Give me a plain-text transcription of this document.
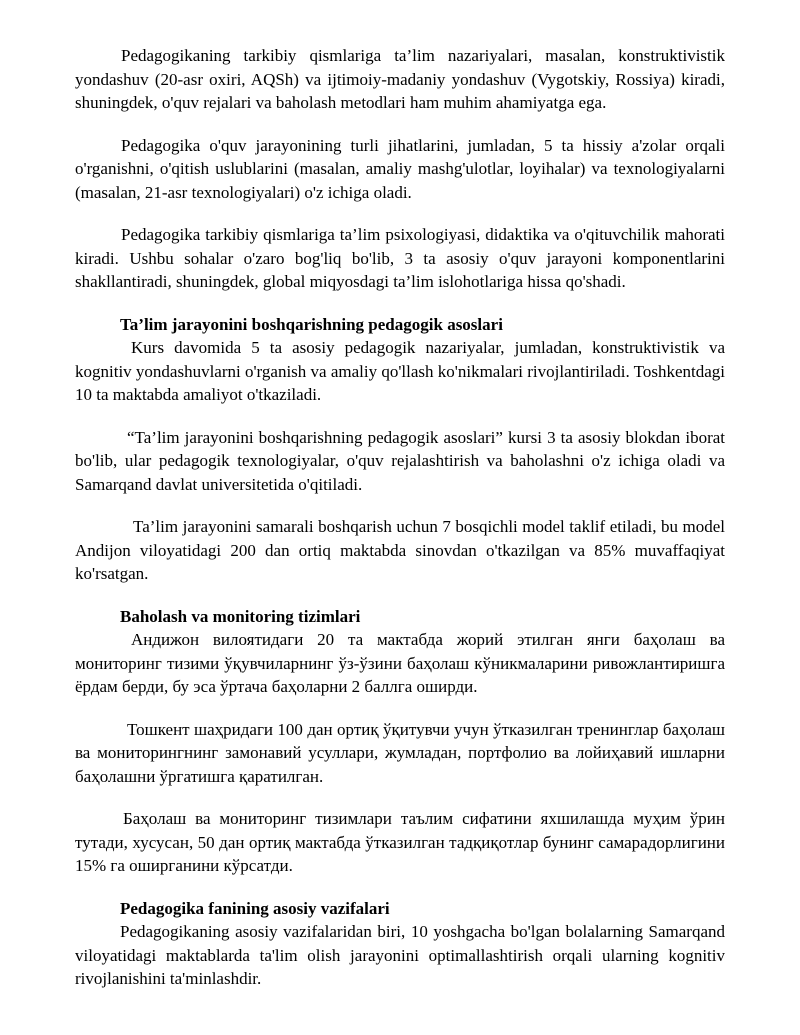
Pedagogikaning tarkibiy qismlariga ta’lim nazariyalari, masalan, konstruktivistik yondashuv (20-asr oxiri, AQSh) va ijtimoiy-madaniy yondashuv (Vygotskiy, Rossiya) kiradi, shuningdek, o'quv rejalari va baholash metodlari ham muhim ahamiyatga ega.

Pedagogika o'quv jarayonining turli jihatlarini, jumladan, 5 ta hissiy a'zolar orqali o'rganishni, o'qitish uslublarini (masalan, amaliy mashg'ulotlar, loyihalar) va texnologiyalarni (masalan, 21-asr texnologiyalari) o'z ichiga oladi.

Pedagogika tarkibiy qismlariga ta’lim psixologiyasi, didaktika va o'qituvchilik mahorati kiradi. Ushbu sohalar o'zaro bog'liq bo'lib, 3 ta asosiy o'quv jarayoni komponentlarini shakllantiradi, shuningdek, global miqyosdagi ta’lim islohotlariga hissa qo'shadi.

Ta’lim jarayonini boshqarishning pedagogik asoslari

Kurs davomida 5 ta asosiy pedagogik nazariyalar, jumladan, konstruktivistik va kognitiv yondashuvlarni o'rganish va amaliy qo'llash ko'nikmalari rivojlantiriladi. Toshkentdagi 10 ta maktabda amaliyot o'tkaziladi.

“Ta’lim jarayonini boshqarishning pedagogik asoslari” kursi 3 ta asosiy blokdan iborat bo'lib, ular pedagogik texnologiyalar, o'quv rejalashtirish va baholashni o'z ichiga oladi va Samarqand davlat universitetida o'qitiladi.

Ta’lim jarayonini samarali boshqarish uchun 7 bosqichli model taklif etiladi, bu model Andijon viloyatidagi 200 dan ortiq maktabda sinovdan o'tkazilgan va 85% muvaffaqiyat ko'rsatgan.

Baholash va monitoring tizimlari

Андижон вилоятидаги 20 та мактабда жорий этилган янги баҳолаш ва мониторинг тизими ўқувчиларнинг ўз-ўзини баҳолаш кўникмаларини ривожлантиришга ёрдам берди, бу эса ўртача баҳоларни 2 баллга оширди.

Тошкент шаҳридаги 100 дан ортиқ ўқитувчи учун ўтказилган тренинглар баҳолаш ва мониторингнинг замонавий усуллари, жумладан, портфолио ва лойиҳавий ишларни баҳолашни ўргатишга қаратилган.

Баҳолаш ва мониторинг тизимлари таълим сифатини яхшилашда муҳим ўрин тутади, хусусан, 50 дан ортиқ мактабда ўтказилган тадқиқотлар бунинг самарадорлигини 15% га оширганини кўрсатди.

Pedagogika fanining asosiy vazifalari

Pedagogikaning asosiy vazifalaridan biri, 10 yoshgacha bo'lgan bolalarning Samarqand viloyatidagi maktablarda ta'lim olish jarayonini optimallashtirish orqali ularning kognitiv rivojlanishini ta'minlashdir.
